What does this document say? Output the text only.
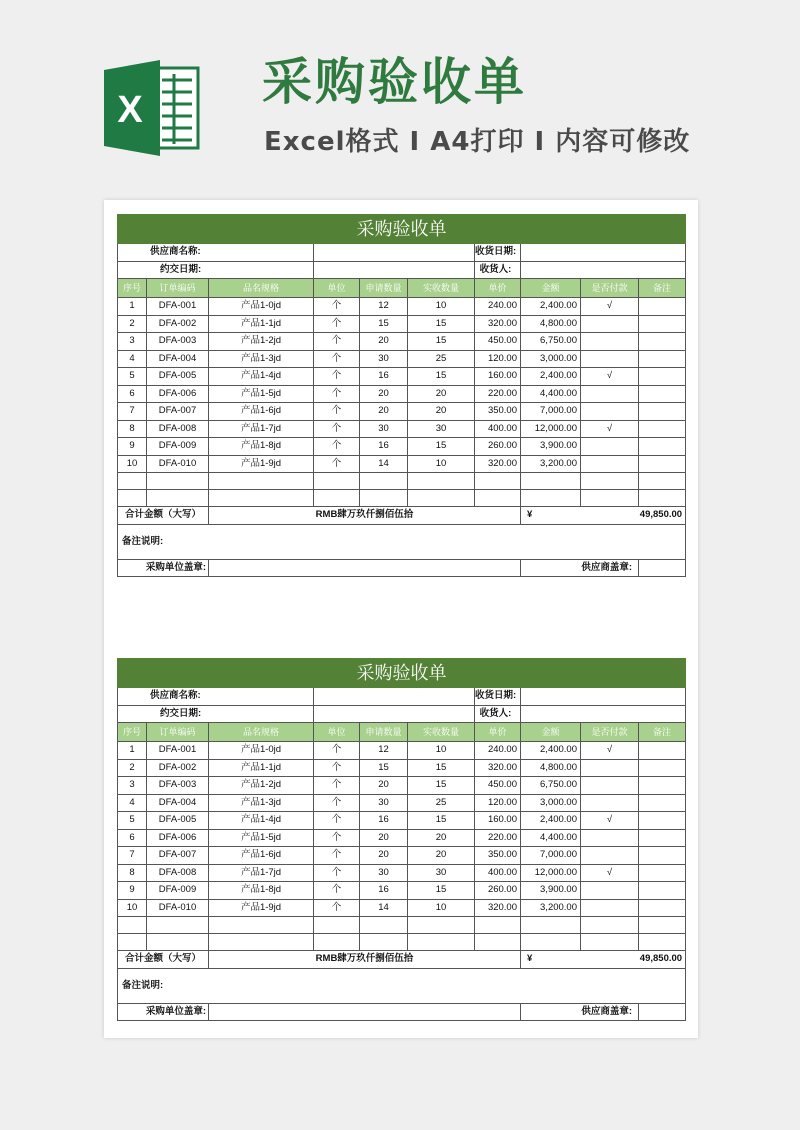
X 采购验收单
Excel格式 I A4打印 I 内容可修改
采购验收单									
供应商名称:						收货日期:			
约交日期:						收货人:			
序号	订单编码	品名规格	单位	申请数量	实收数量	单价	金额	是否付款	备注
1	DFA-001	产品1-0jd	个	12	10	240.00	2,400.00	√	
2	DFA-002	产品1-1jd	个	15	15	320.00	4,800.00		
3	DFA-003	产品1-2jd	个	20	15	450.00	6,750.00		
4	DFA-004	产品1-3jd	个	30	25	120.00	3,000.00		
5	DFA-005	产品1-4jd	个	16	15	160.00	2,400.00	√	
6	DFA-006	产品1-5jd	个	20	20	220.00	4,400.00		
7	DFA-007	产品1-6jd	个	20	20	350.00	7,000.00		
8	DFA-008	产品1-7jd	个	30	30	400.00	12,000.00	√	
9	DFA-009	产品1-8jd	个	16	15	260.00	3,900.00		
10	DFA-010	产品1-9jd	个	14	10	320.00	3,200.00		

合计金额（大写）		RMB肆万玖仟捌佰伍拾					¥	49,850.00	
备注说明:									
采购单位盖章:							供应商盖章:		
采购验收单									
供应商名称:						收货日期:			
约交日期:						收货人:			
序号	订单编码	品名规格	单位	申请数量	实收数量	单价	金额	是否付款	备注
1	DFA-001	产品1-0jd	个	12	10	240.00	2,400.00	√	
2	DFA-002	产品1-1jd	个	15	15	320.00	4,800.00		
3	DFA-003	产品1-2jd	个	20	15	450.00	6,750.00		
4	DFA-004	产品1-3jd	个	30	25	120.00	3,000.00		
5	DFA-005	产品1-4jd	个	16	15	160.00	2,400.00	√	
6	DFA-006	产品1-5jd	个	20	20	220.00	4,400.00		
7	DFA-007	产品1-6jd	个	20	20	350.00	7,000.00		
8	DFA-008	产品1-7jd	个	30	30	400.00	12,000.00	√	
9	DFA-009	产品1-8jd	个	16	15	260.00	3,900.00		
10	DFA-010	产品1-9jd	个	14	10	320.00	3,200.00		

合计金额（大写）		RMB肆万玖仟捌佰伍拾					¥	49,850.00	
备注说明:									
采购单位盖章:							供应商盖章:		
